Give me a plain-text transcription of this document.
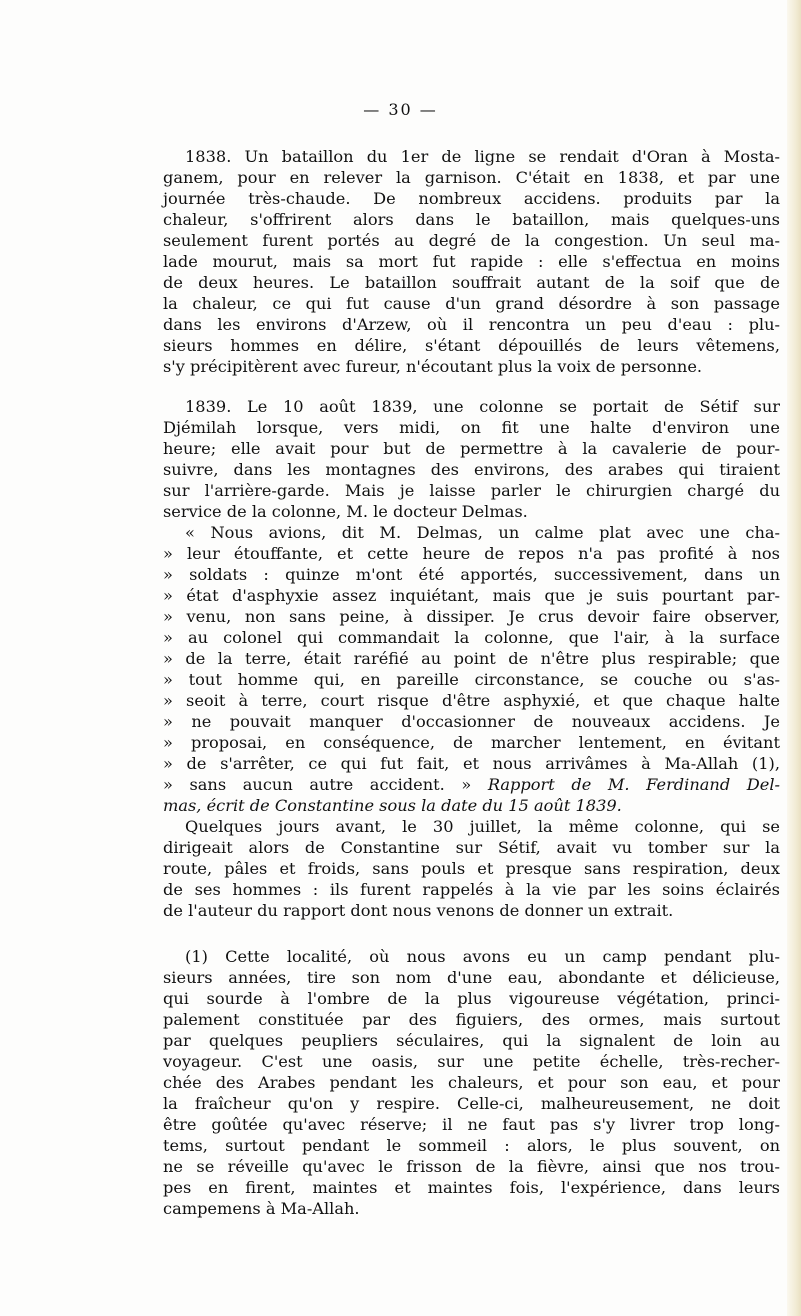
— 30 —
1838. Un bataillon du 1er de ligne se rendait d'Oran à Mosta-
ganem, pour en relever la garnison. C'était en 1838, et par une
journée très-chaude. De nombreux accidens. produits par la
chaleur, s'offrirent alors dans le bataillon, mais quelques-uns
seulement furent portés au degré de la congestion. Un seul ma-
lade mourut, mais sa mort fut rapide : elle s'effectua en moins
de deux heures. Le bataillon souffrait autant de la soif que de
la chaleur, ce qui fut cause d'un grand désordre à son passage
dans les environs d'Arzew, où il rencontra un peu d'eau : plu-
sieurs hommes en délire, s'étant dépouillés de leurs vêtemens,
s'y précipitèrent avec fureur, n'écoutant plus la voix de personne.
1839. Le 10 août 1839, une colonne se portait de Sétif sur
Djémilah lorsque, vers midi, on fit une halte d'environ une
heure; elle avait pour but de permettre à la cavalerie de pour-
suivre, dans les montagnes des environs, des arabes qui tiraient
sur l'arrière-garde. Mais je laisse parler le chirurgien chargé du
service de la colonne, M. le docteur Delmas.
« Nous avions, dit M. Delmas, un calme plat avec une cha-
» leur étouffante, et cette heure de repos n'a pas profité à nos
» soldats : quinze m'ont été apportés, successivement, dans un
» état d'asphyxie assez inquiétant, mais que je suis pourtant par-
» venu, non sans peine, à dissiper. Je crus devoir faire observer,
» au colonel qui commandait la colonne, que l'air, à la surface
» de la terre, était raréfié au point de n'être plus respirable; que
» tout homme qui, en pareille circonstance, se couche ou s'as-
» seoit à terre, court risque d'être asphyxié, et que chaque halte
» ne pouvait manquer d'occasionner de nouveaux accidens. Je
» proposai, en conséquence, de marcher lentement, en évitant
» de s'arrêter, ce qui fut fait, et nous arrivâmes à Ma-Allah (1),
» sans aucun autre accident. » Rapport de M. Ferdinand Del-
mas, écrit de Constantine sous la date du 15 août 1839.
Quelques jours avant, le 30 juillet, la même colonne, qui se
dirigeait alors de Constantine sur Sétif, avait vu tomber sur la
route, pâles et froids, sans pouls et presque sans respiration, deux
de ses hommes : ils furent rappelés à la vie par les soins éclairés
de l'auteur du rapport dont nous venons de donner un extrait.
(1) Cette localité, où nous avons eu un camp pendant plu-
sieurs années, tire son nom d'une eau, abondante et délicieuse,
qui sourde à l'ombre de la plus vigoureuse végétation, princi-
palement constituée par des figuiers, des ormes, mais surtout
par quelques peupliers séculaires, qui la signalent de loin au
voyageur. C'est une oasis, sur une petite échelle, très-recher-
chée des Arabes pendant les chaleurs, et pour son eau, et pour
la fraîcheur qu'on y respire. Celle-ci, malheureusement, ne doit
être goûtée qu'avec réserve; il ne faut pas s'y livrer trop long-
tems, surtout pendant le sommeil : alors, le plus souvent, on
ne se réveille qu'avec le frisson de la fièvre, ainsi que nos trou-
pes en firent, maintes et maintes fois, l'expérience, dans leurs
campemens à Ma-Allah.
